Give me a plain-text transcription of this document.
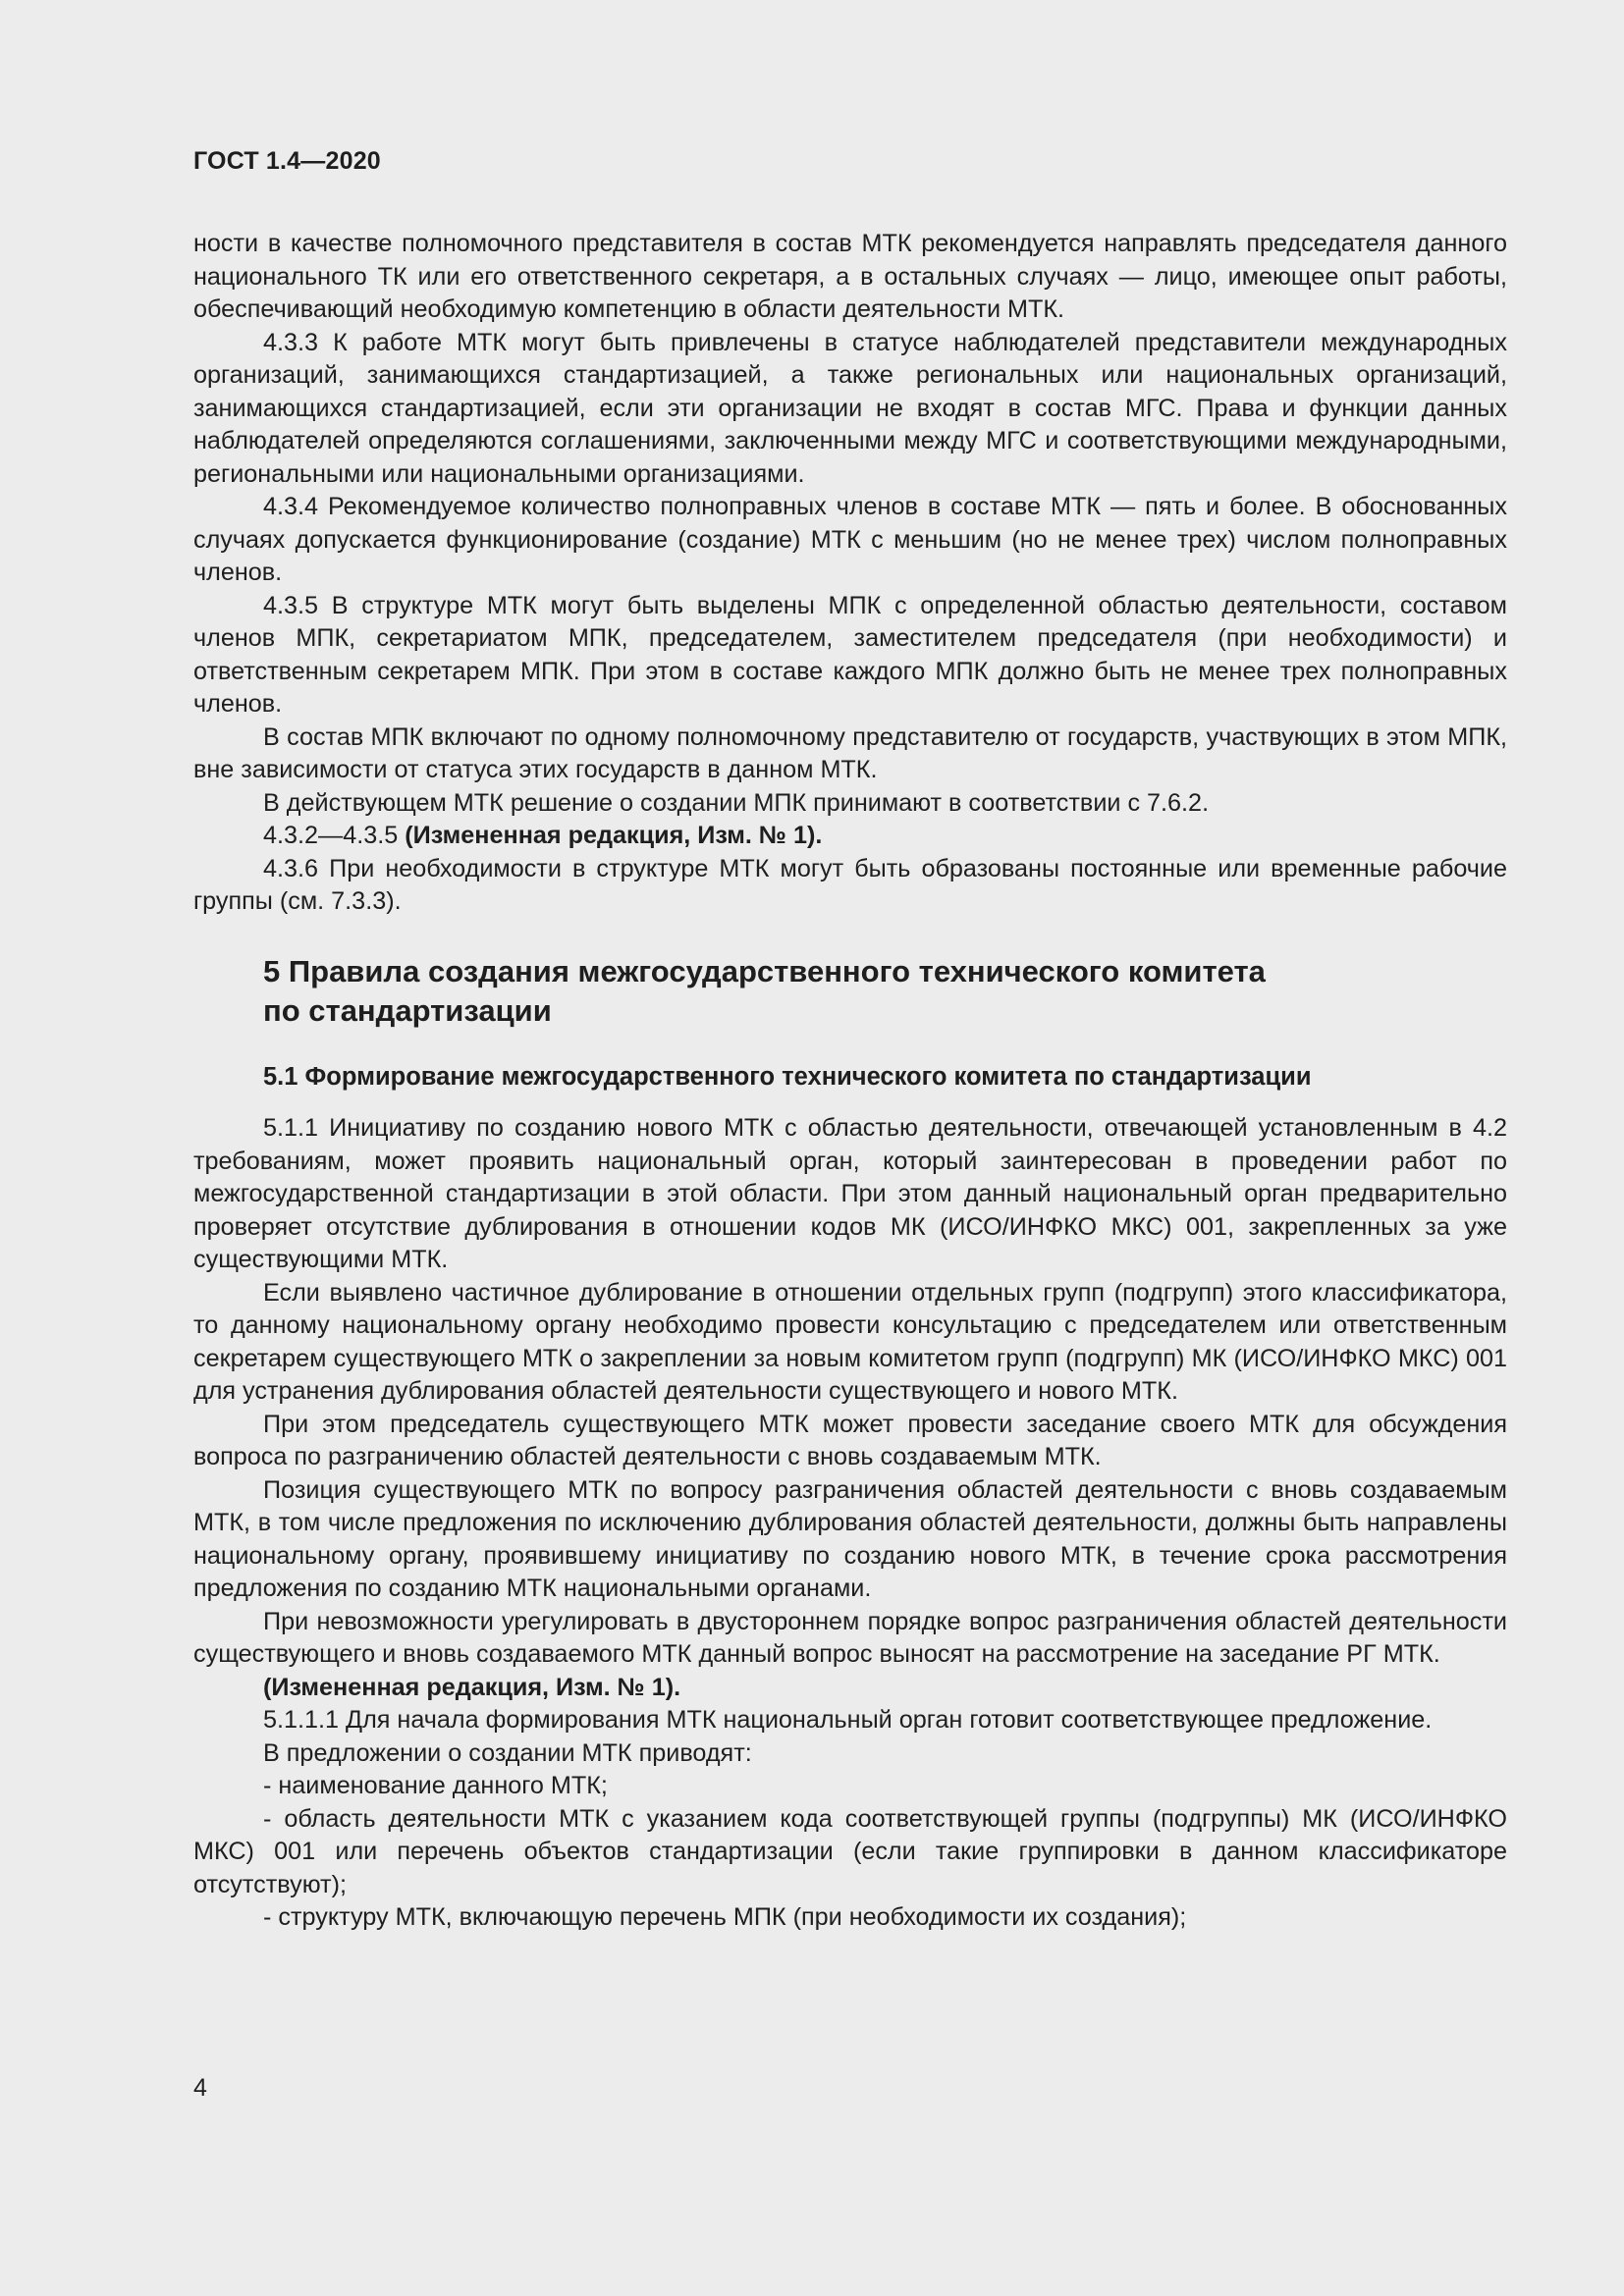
ГОСТ 1.4—2020

ности в качестве полномочного представителя в состав МТК рекомендуется направлять председателя данного национального ТК или его ответственного секретаря, а в остальных случаях — лицо, имеющее опыт работы, обеспечивающий необходимую компетенцию в области деятельности МТК.

4.3.3 К работе МТК могут быть привлечены в статусе наблюдателей представители международных организаций, занимающихся стандартизацией, а также региональных или национальных организаций, занимающихся стандартизацией, если эти организации не входят в состав МГС. Права и функции данных наблюдателей определяются соглашениями, заключенными между МГС и соответствующими международными, региональными или национальными организациями.

4.3.4 Рекомендуемое количество полноправных членов в составе МТК — пять и более. В обоснованных случаях допускается функционирование (создание) МТК с меньшим (но не менее трех) числом полноправных членов.

4.3.5 В структуре МТК могут быть выделены МПК с определенной областью деятельности, составом членов МПК, секретариатом МПК, председателем, заместителем председателя (при необходимости) и ответственным секретарем МПК. При этом в составе каждого МПК должно быть не менее трех полноправных членов.

В состав МПК включают по одному полномочному представителю от государств, участвующих в этом МПК, вне зависимости от статуса этих государств в данном МТК.

В действующем МТК решение о создании МПК принимают в соответствии с 7.6.2.

4.3.2—4.3.5 (Измененная редакция, Изм. № 1).

4.3.6 При необходимости в структуре МТК могут быть образованы постоянные или временные рабочие группы (см. 7.3.3).

5 Правила создания межгосударственного технического комитета
по стандартизации
5.1 Формирование межгосударственного технического комитета по стандартизации

5.1.1 Инициативу по созданию нового МТК с областью деятельности, отвечающей установленным в 4.2 требованиям, может проявить национальный орган, который заинтересован в проведении работ по межгосударственной стандартизации в этой области. При этом данный национальный орган предварительно проверяет отсутствие дублирования в отношении кодов МК (ИСО/ИНФКО МКС) 001, закрепленных за уже существующими МТК.

Если выявлено частичное дублирование в отношении отдельных групп (подгрупп) этого классификатора, то данному национальному органу необходимо провести консультацию с председателем или ответственным секретарем существующего МТК о закреплении за новым комитетом групп (подгрупп) МК (ИСО/ИНФКО МКС) 001 для устранения дублирования областей деятельности существующего и нового МТК.

При этом председатель существующего МТК может провести заседание своего МТК для обсуждения вопроса по разграничению областей деятельности с вновь создаваемым МТК.

Позиция существующего МТК по вопросу разграничения областей деятельности с вновь создаваемым МТК, в том числе предложения по исключению дублирования областей деятельности, должны быть направлены национальному органу, проявившему инициативу по созданию нового МТК, в течение срока рассмотрения предложения по созданию МТК национальными органами.

При невозможности урегулировать в двустороннем порядке вопрос разграничения областей деятельности существующего и вновь создаваемого МТК данный вопрос выносят на рассмотрение на заседание РГ МТК.

(Измененная редакция, Изм. № 1).

5.1.1.1 Для начала формирования МТК национальный орган готовит соответствующее предложение.

В предложении о создании МТК приводят:

- наименование данного МТК;

- область деятельности МТК с указанием кода соответствующей группы (подгруппы) МК (ИСО/ИНФКО МКС) 001 или перечень объектов стандартизации (если такие группировки в данном классификаторе отсутствуют);

- структуру МТК, включающую перечень МПК (при необходимости их создания);

4
